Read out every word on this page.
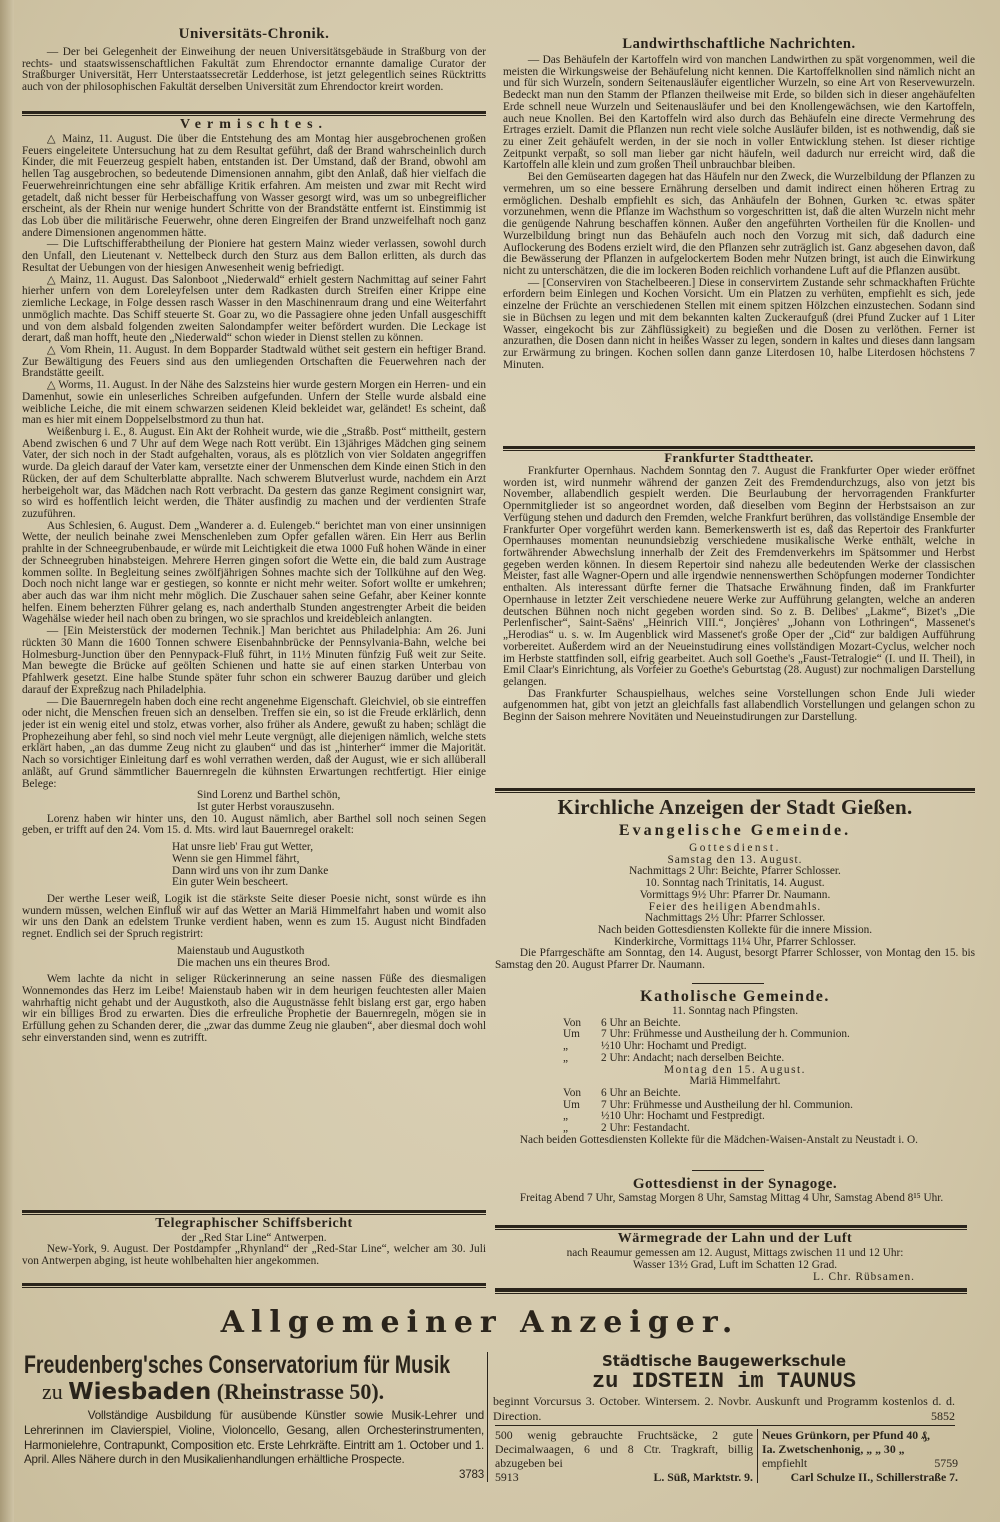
Universitäts-Chronik.

— Der bei Gelegenheit der Einweihung der neuen Universitätsgebäude in Straßburg von der rechts- und staatswissenschaftlichen Fakultät zum Ehrendoctor ernannte damalige Curator der Straßburger Universität, Herr Unterstaatssecretär Ledderhose, ist jetzt gelegentlich seines Rücktritts auch von der philosophischen Fakultät derselben Universität zum Ehrendoctor kreirt worden.

Vermischtes.

△ Mainz, 11. August. Die über die Entstehung des am Montag hier ausgebrochenen großen Feuers eingeleitete Untersuchung hat zu dem Resultat geführt, daß der Brand wahrscheinlich durch Kinder, die mit Feuerzeug gespielt haben, entstanden ist. Der Umstand, daß der Brand, obwohl am hellen Tag ausgebrochen, so bedeutende Dimensionen annahm, gibt den Anlaß, daß hier vielfach die Feuerwehreinrichtungen eine sehr abfällige Kritik erfahren. Am meisten und zwar mit Recht wird getadelt, daß nicht besser für Herbeischaffung von Wasser gesorgt wird, was um so unbegreiflicher erscheint, als der Rhein nur wenige hundert Schritte von der Brandstätte entfernt ist. Einstimmig ist das Lob über die militärische Feuerwehr, ohne deren Eingreifen der Brand unzweifelhaft noch ganz andere Dimensionen angenommen hätte.

— Die Luftschifferabtheilung der Pioniere hat gestern Mainz wieder verlassen, sowohl durch den Unfall, den Lieutenant v. Nettelbeck durch den Sturz aus dem Ballon erlitten, als durch das Resultat der Uebungen von der hiesigen Anwesenheit wenig befriedigt.

△ Mainz, 11. August. Das Salonboot „Niederwald“ erhielt gestern Nachmittag auf seiner Fahrt hierher unfern von dem Loreleyfelsen unter dem Radkasten durch Streifen einer Krippe eine ziemliche Leckage, in Folge dessen rasch Wasser in den Maschinenraum drang und eine Weiterfahrt unmöglich machte. Das Schiff steuerte St. Goar zu, wo die Passagiere ohne jeden Unfall ausgeschifft und von dem alsbald folgenden zweiten Salondampfer weiter befördert wurden. Die Leckage ist derart, daß man hofft, heute den „Niederwald“ schon wieder in Dienst stellen zu können.

△ Vom Rhein, 11. August. In dem Bopparder Stadtwald wüthet seit gestern ein heftiger Brand. Zur Bewältigung des Feuers sind aus den umliegenden Ortschaften die Feuerwehren nach der Brandstätte geeilt.

△ Worms, 11. August. In der Nähe des Salzsteins hier wurde gestern Morgen ein Herren- und ein Damenhut, sowie ein unleserliches Schreiben aufgefunden. Unfern der Stelle wurde alsbald eine weibliche Leiche, die mit einem schwarzen seidenen Kleid bekleidet war, geländet! Es scheint, daß man es hier mit einem Doppelselbstmord zu thun hat.

Weißenburg i. E., 8. August. Ein Akt der Rohheit wurde, wie die „Straßb. Post“ mittheilt, gestern Abend zwischen 6 und 7 Uhr auf dem Wege nach Rott verübt. Ein 13jähriges Mädchen ging seinem Vater, der sich noch in der Stadt aufgehalten, voraus, als es plötzlich von vier Soldaten angegriffen wurde. Da gleich darauf der Vater kam, versetzte einer der Unmenschen dem Kinde einen Stich in den Rücken, der auf dem Schulterblatte abprallte. Nach schwerem Blutverlust wurde, nachdem ein Arzt herbeigeholt war, das Mädchen nach Rott verbracht. Da gestern das ganze Regiment consignirt war, so wird es hoffentlich leicht werden, die Thäter ausfindig zu machen und der verdienten Strafe zuzuführen.

Aus Schlesien, 6. August. Dem „Wanderer a. d. Eulengeb.“ berichtet man von einer unsinnigen Wette, der neulich beinahe zwei Menschenleben zum Opfer gefallen wären. Ein Herr aus Berlin prahlte in der Schneegrubenbaude, er würde mit Leichtigkeit die etwa 1000 Fuß hohen Wände in einer der Schneegruben hinabsteigen. Mehrere Herren gingen sofort die Wette ein, die bald zum Austrage kommen sollte. In Begleitung seines zwölfjährigen Sohnes machte sich der Tollkühne auf den Weg. Doch noch nicht lange war er gestiegen, so konnte er nicht mehr weiter. Sofort wollte er umkehren; aber auch das war ihm nicht mehr möglich. Die Zuschauer sahen seine Gefahr, aber Keiner konnte helfen. Einem beherzten Führer gelang es, nach anderthalb Stunden angestrengter Arbeit die beiden Wagehälse wieder heil nach oben zu bringen, wo sie sprachlos und kreidebleich anlangten.

— [Ein Meisterstück der modernen Technik.] Man berichtet aus Philadelphia: Am 26. Juni rückten 30 Mann die 1600 Tonnen schwere Eisenbahnbrücke der Pennsylvania-Bahn, welche bei Holmesburg-Junction über den Pennypack-Fluß führt, in 11½ Minuten fünfzig Fuß weit zur Seite. Man bewegte die Brücke auf geölten Schienen und hatte sie auf einen starken Unterbau von Pfahlwerk gesetzt. Eine halbe Stunde später fuhr schon ein schwerer Bauzug darüber und gleich darauf der Expreßzug nach Philadelphia.

— Die Bauernregeln haben doch eine recht angenehme Eigenschaft. Gleichviel, ob sie eintreffen oder nicht, die Menschen freuen sich an denselben. Treffen sie ein, so ist die Freude erklärlich, denn jeder ist ein wenig eitel und stolz, etwas vorher, also früher als Andere, gewußt zu haben; schlägt die Prophezeihung aber fehl, so sind noch viel mehr Leute vergnügt, alle diejenigen nämlich, welche stets erklärt haben, „an das dumme Zeug nicht zu glauben“ und das ist „hinterher“ immer die Majorität. Nach so vorsichtiger Einleitung darf es wohl verrathen werden, daß der August, wie er sich allüberall anläßt, auf Grund sämmtlicher Bauernregeln die kühnsten Erwartungen rechtfertigt. Hier einige Belege:

Sind Lorenz und Barthel schön,
Ist guter Herbst vorauszusehn.

Lorenz haben wir hinter uns, den 10. August nämlich, aber Barthel soll noch seinen Segen geben, er trifft auf den 24. Vom 15. d. Mts. wird laut Bauernregel orakelt:

Hat unsre lieb' Frau gut Wetter,
Wenn sie gen Himmel fährt,
Dann wird uns von ihr zum Danke
Ein guter Wein bescheert.

Der werthe Leser weiß, Logik ist die stärkste Seite dieser Poesie nicht, sonst würde es ihn wundern müssen, welchen Einfluß wir auf das Wetter an Mariä Himmelfahrt haben und womit also wir uns den Dank an edelstem Trunke verdient haben, wenn es zum 15. August nicht Bindfaden regnet. Endlich sei der Spruch registrirt:

Maienstaub und Augustkoth
Die machen uns ein theures Brod.

Wem lachte da nicht in seliger Rückerinnerung an seine nassen Füße des diesmaligen Wonnemondes das Herz im Leibe! Maienstaub haben wir in dem heurigen feuchtesten aller Maien wahrhaftig nicht gehabt und der Augustkoth, also die Augustnässe fehlt bislang erst gar, ergo haben wir ein billiges Brod zu erwarten. Dies die erfreuliche Prophetie der Bauernregeln, mögen sie in Erfüllung gehen zu Schanden derer, die „zwar das dumme Zeug nie glauben“, aber diesmal doch wohl sehr einverstanden sind, wenn es zutrifft.

Telegraphischer Schiffsbericht

der „Red Star Line“ Antwerpen.

New-York, 9. August. Der Postdampfer „Rhynland“ der „Red-Star Line“, welcher am 30. Juli von Antwerpen abging, ist heute wohlbehalten hier angekommen.

Landwirthschaftliche Nachrichten.

— Das Behäufeln der Kartoffeln wird von manchen Landwirthen zu spät vorgenommen, weil die meisten die Wirkungsweise der Behäufelung nicht kennen. Die Kartoffelknollen sind nämlich nicht an und für sich Wurzeln, sondern Seitenausläufer eigentlicher Wurzeln, so eine Art von Reservewurzeln. Bedeckt man nun den Stamm der Pflanzen theilweise mit Erde, so bilden sich in dieser angehäufelten Erde schnell neue Wurzeln und Seitenausläufer und bei den Knollengewächsen, wie den Kartoffeln, auch neue Knollen. Bei den Kartoffeln wird also durch das Behäufeln eine directe Vermehrung des Ertrages erzielt. Damit die Pflanzen nun recht viele solche Ausläufer bilden, ist es nothwendig, daß sie zu einer Zeit gehäufelt werden, in der sie noch in voller Entwicklung stehen. Ist dieser richtige Zeitpunkt verpaßt, so soll man lieber gar nicht häufeln, weil dadurch nur erreicht wird, daß die Kartoffeln alle klein und zum großen Theil unbrauchbar bleiben.

Bei den Gemüsearten dagegen hat das Häufeln nur den Zweck, die Wurzelbildung der Pflanzen zu vermehren, um so eine bessere Ernährung derselben und damit indirect einen höheren Ertrag zu ermöglichen. Deshalb empfiehlt es sich, das Anhäufeln der Bohnen, Gurken ꝛc. etwas später vorzunehmen, wenn die Pflanze im Wachsthum so vorgeschritten ist, daß die alten Wurzeln nicht mehr die genügende Nahrung beschaffen können. Außer den angeführten Vortheilen für die Knollen- und Wurzelbildung bringt nun das Behäufeln auch noch den Vorzug mit sich, daß dadurch eine Auflockerung des Bodens erzielt wird, die den Pflanzen sehr zuträglich ist. Ganz abgesehen davon, daß die Bewässerung der Pflanzen in aufgelockertem Boden mehr Nutzen bringt, ist auch die Einwirkung nicht zu unterschätzen, die die im lockeren Boden reichlich vorhandene Luft auf die Pflanzen ausübt.

— [Conserviren von Stachelbeeren.] Diese in conservirtem Zustande sehr schmackhaften Früchte erfordern beim Einlegen und Kochen Vorsicht. Um ein Platzen zu verhüten, empfiehlt es sich, jede einzelne der Früchte an verschiedenen Stellen mit einem spitzen Hölzchen einzustechen. Sodann sind sie in Büchsen zu legen und mit dem bekannten kalten Zuckeraufguß (drei Pfund Zucker auf 1 Liter Wasser, eingekocht bis zur Zähflüssigkeit) zu begießen und die Dosen zu verlöthen. Ferner ist anzurathen, die Dosen dann nicht in heißes Wasser zu legen, sondern in kaltes und dieses dann langsam zur Erwärmung zu bringen. Kochen sollen dann ganze Literdosen 10, halbe Literdosen höchstens 7 Minuten.

Frankfurter Stadttheater.

Frankfurter Opernhaus. Nachdem Sonntag den 7. August die Frankfurter Oper wieder eröffnet worden ist, wird nunmehr während der ganzen Zeit des Fremdendurchzugs, also von jetzt bis November, allabendlich gespielt werden. Die Beurlaubung der hervorragenden Frankfurter Opernmitglieder ist so angeordnet worden, daß dieselben vom Beginn der Herbstsaison an zur Verfügung stehen und dadurch den Fremden, welche Frankfurt berühren, das vollständige Ensemble der Frankfurter Oper vorgeführt werden kann. Bemerkenswerth ist es, daß das Repertoir des Frankfurter Opernhauses momentan neunundsiebzig verschiedene musikalische Werke enthält, welche in fortwährender Abwechslung innerhalb der Zeit des Fremdenverkehrs im Spätsommer und Herbst gegeben werden können. In diesem Repertoir sind nahezu alle bedeutenden Werke der classischen Meister, fast alle Wagner-Opern und alle irgendwie nennenswerthen Schöpfungen moderner Tondichter enthalten. Als interessant dürfte ferner die Thatsache Erwähnung finden, daß im Frankfurter Opernhause in letzter Zeit verschiedene neuere Werke zur Aufführung gelangten, welche an anderen deutschen Bühnen noch nicht gegeben worden sind. So z. B. Delibes' „Lakme“, Bizet's „Die Perlenfischer“, Saint-Saëns' „Heinrich VIII.“, Jonçières' „Johann von Lothringen“, Massenet's „Herodias“ u. s. w. Im Augenblick wird Massenet's große Oper der „Cid“ zur baldigen Aufführung vorbereitet. Außerdem wird an der Neueinstudirung eines vollständigen Mozart-Cyclus, welcher noch im Herbste stattfinden soll, eifrig gearbeitet. Auch soll Goethe's „Faust-Tetralogie“ (I. und II. Theil), in Emil Claar's Einrichtung, als Vorfeier zu Goethe's Geburtstag (28. August) zur nochmaligen Darstellung gelangen.

Das Frankfurter Schauspielhaus, welches seine Vorstellungen schon Ende Juli wieder aufgenommen hat, gibt von jetzt an gleichfalls fast allabendlich Vorstellungen und gelangen schon zu Beginn der Saison mehrere Novitäten und Neueinstudirungen zur Darstellung.

Kirchliche Anzeigen der Stadt Gießen.
Evangelische Gemeinde.
Gottesdienst.
Samstag den 13. August.
Nachmittags 2 Uhr: Beichte, Pfarrer Schlosser.
10. Sonntag nach Trinitatis, 14. August.
Vormittags 9½ Uhr: Pfarrer Dr. Naumann.
Feier des heiligen Abendmahls.
Nachmittags 2½ Uhr: Pfarrer Schlosser.
Nach beiden Gottesdiensten Kollekte für die innere Mission.
Kinderkirche, Vormittags 11¼ Uhr, Pfarrer Schlosser.

Die Pfarrgeschäfte am Sonntag, den 14. August, besorgt Pfarrer Schlosser, von Montag den 15. bis Samstag den 20. August Pfarrer Dr. Naumann.

Katholische Gemeinde.
11. Sonntag nach Pfingsten.
Von	6 Uhr an Beichte.
Um	7 Uhr: Frühmesse und Austheilung der h. Communion.
„	½10 Uhr: Hochamt und Predigt.
„	2 Uhr: Andacht; nach derselben Beichte.
Montag den 15. August.
Mariä Himmelfahrt.
Von	6 Uhr an Beichte.
Um	7 Uhr: Frühmesse und Austheilung der hl. Communion.
„	½10 Uhr: Hochamt und Festpredigt.
„	2 Uhr: Festandacht.

Nach beiden Gottesdiensten Kollekte für die Mädchen-Waisen-Anstalt zu Neustadt i. O.

Gottesdienst in der Synagoge.

Freitag Abend 7 Uhr, Samstag Morgen 8 Uhr, Samstag Mittag 4 Uhr, Samstag Abend 8¹⁵ Uhr.

Wärmegrade der Lahn und der Luft

nach Reaumur gemessen am 12. August, Mittags zwischen 11 und 12 Uhr:

Wasser 13½ Grad, Luft im Schatten 12 Grad.

L. Chr. Rübsamen.

Allgemeiner Anzeiger.
Freudenberg'sches Conservatorium für Musik
zu Wiesbaden (Rheinstrasse 50).
Vollständige Ausbildung für ausübende Künstler sowie Musik-Lehrer und Lehrerinnen im Clavierspiel, Violine, Violoncello, Gesang, allen Orchesterinstrumenten, Harmonielehre, Contrapunkt, Composition etc. Erste Lehrkräfte. Eintritt am 1. October und 1. April. Alles Nähere durch in den Musikalienhandlungen erhältliche Prospecte.
3783
Städtische Baugewerkschule
zu IDSTEIN im TAUNUS
beginnt Vorcursus 3. October. Wintersem. 2. Novbr. Auskunft und Programm kostenlos d. d. Direction.	5852

500 wenig gebrauchte Fruchtsäcke, 2 gute Decimalwaagen, 6 und 8 Ctr. Tragkraft, billig abzugeben bei

5913	L. Süß, Marktstr. 9.
Neues Grünkorn, per Pfund 40 ₰,
Ia. Zwetschenhonig, „ „ 30 „
empfiehlt	5759
Carl Schulze II., Schillerstraße 7.
